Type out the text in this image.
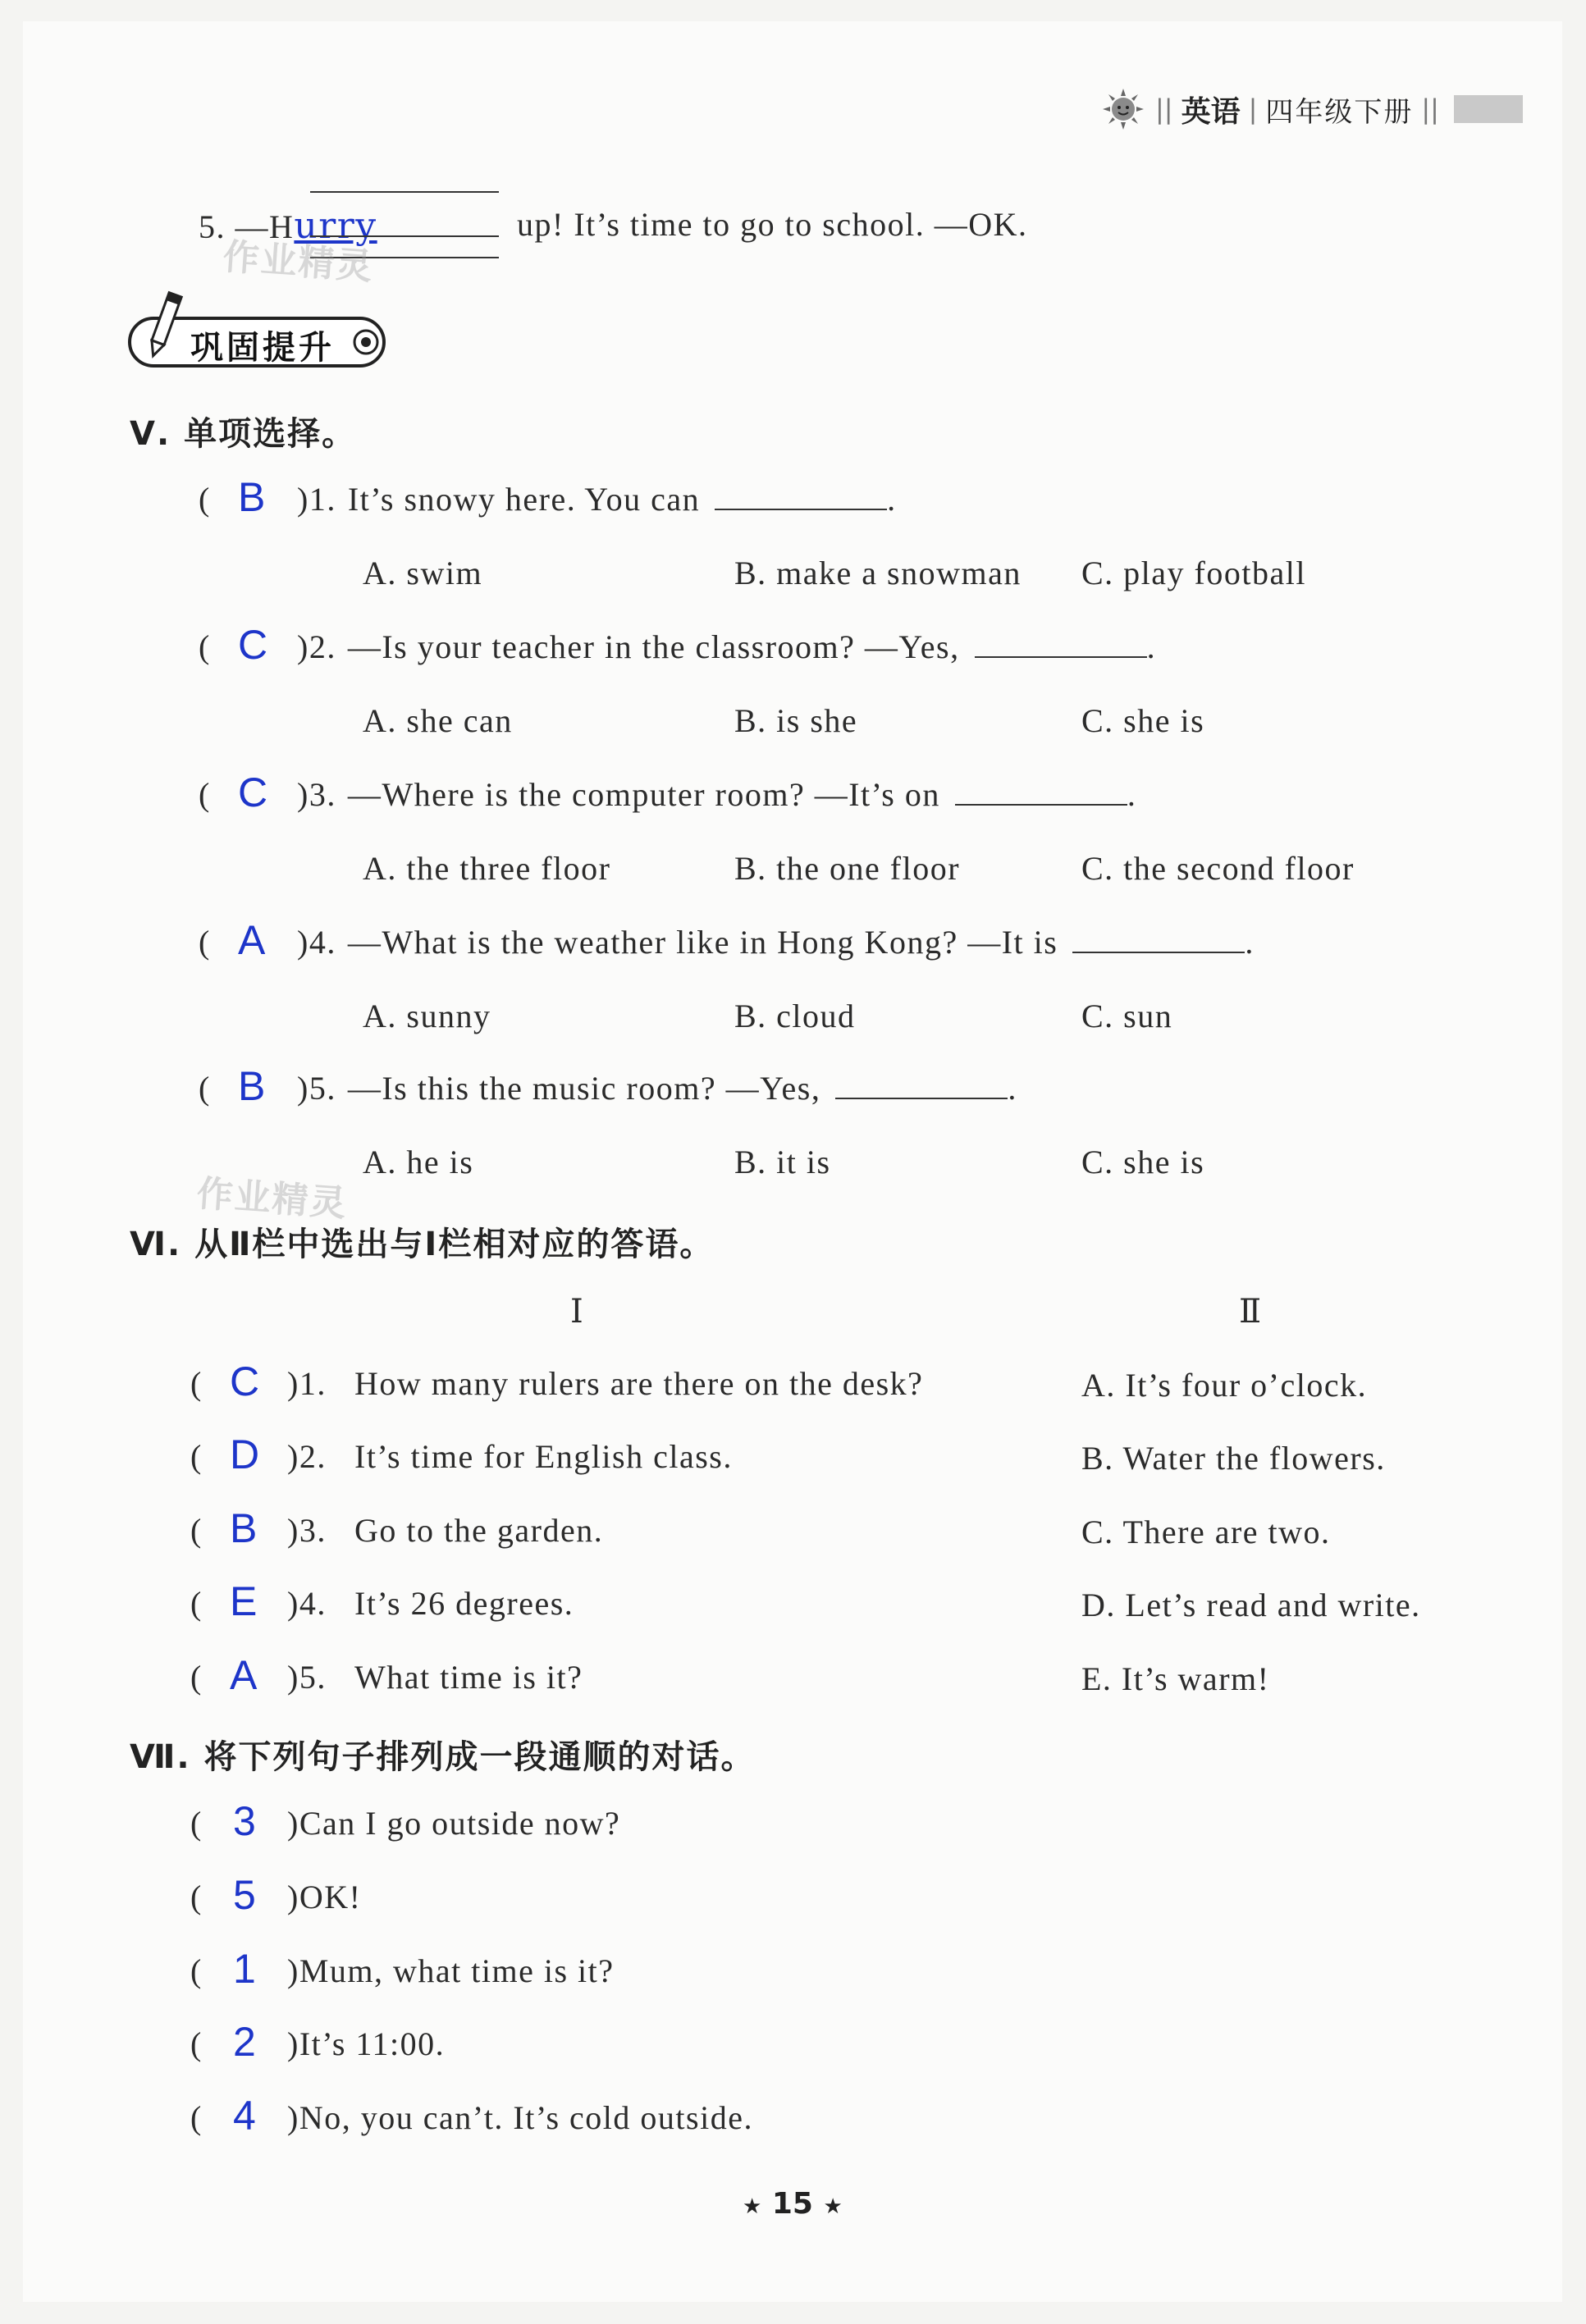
|| 英语 | 四年级下册 ||
5. —Hurry	up! It’s time to go to school. —OK.
作业精灵
巩固提升
Ⅴ. 单项选择。
( B )1. It’s snowy here. You can	.
A. swim	B. make a snowman C. play football
( C )2. —Is your teacher in the classroom? —Yes,	.
A. she can	B. is she	C. she is
( C )3. —Where is the computer room? —It’s on	.
A. the three floor	B. the one floor	C. the second floor
( A )4. —What is the weather like in Hong Kong? —It is	.
A. sunny	B. cloud	C. sun
( B )5. —Is this the music room? —Yes,	.
A. he is	B. it is	C. she is
Ⅵ. 从Ⅱ栏中选出与Ⅰ栏相对应的答语。
作业精灵
Ⅰ	Ⅱ
( C )1. How many rulers are there on the desk?	A. It’s four o’clock.
( D )2. It’s time for English class.	B. Water the flowers.
( B )3. Go to the garden.	C. There are two.
( E )4. It’s 26 degrees.	D. Let’s read and write.
( A )5. What time is it?	E. It’s warm!
Ⅶ. 将下列句子排列成一段通顺的对话。
( 3 )Can I go outside now?
( 5 )OK!
( 1 )Mum, what time is it?
( 2 )It’s 11:00.
( 4 )No, you can’t. It’s cold outside.
★ 15 ★
